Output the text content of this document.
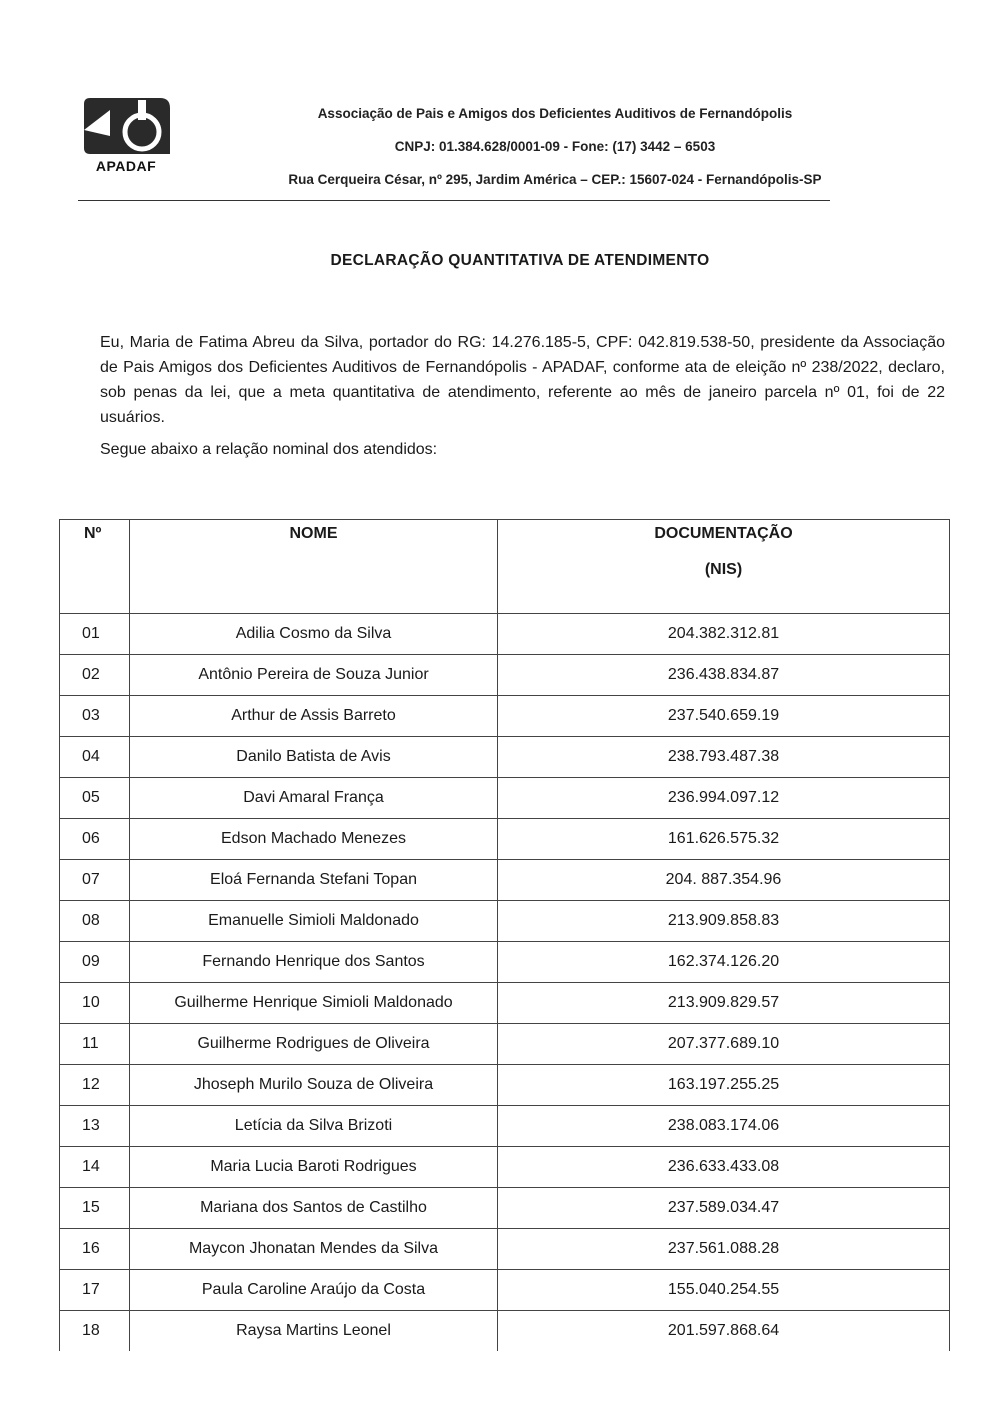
A
APADAF
Associação de Pais e Amigos dos Deficientes Auditivos de Fernandópolis
CNPJ: 01.384.628/0001-09 - Fone: (17) 3442 – 6503
Rua Cerqueira César, nº 295, Jardim América – CEP.: 15607-024 - Fernandópolis-SP
DECLARAÇÃO QUANTITATIVA DE ATENDIMENTO

Eu, Maria de Fatima Abreu da Silva, portador do RG: 14.276.185-5, CPF: 042.819.538-50, presidente da Associação de Pais Amigos dos Deficientes Auditivos de Fernandópolis - APADAF, conforme ata de eleição nº 238/2022, declaro, sob penas da lei, que a meta quantitativa de atendimento, referente ao mês de janeiro parcela nº 01, foi de 22 usuários.

Segue abaixo a relação nominal dos atendidos:

Nº	NOME	DOCUMENTAÇÃO
(NIS)

01	Adilia Cosmo da Silva	204.382.312.81
02	Antônio Pereira de Souza Junior	236.438.834.87
03	Arthur de Assis Barreto	237.540.659.19
04	Danilo Batista de Avis	238.793.487.38
05	Davi Amaral França	236.994.097.12
06	Edson Machado Menezes	161.626.575.32
07	Eloá Fernanda Stefani Topan	204. 887.354.96
08	Emanuelle Simioli Maldonado	213.909.858.83
09	Fernando Henrique dos Santos	162.374.126.20
10	Guilherme Henrique Simioli Maldonado	213.909.829.57
11	Guilherme Rodrigues de Oliveira	207.377.689.10
12	Jhoseph Murilo Souza de Oliveira	163.197.255.25
13	Letícia da Silva Brizoti	238.083.174.06
14	Maria Lucia Baroti Rodrigues	236.633.433.08
15	Mariana dos Santos de Castilho	237.589.034.47
16	Maycon Jhonatan Mendes da Silva	237.561.088.28
17	Paula Caroline Araújo da Costa	155.040.254.55
18	Raysa Martins Leonel	201.597.868.64
